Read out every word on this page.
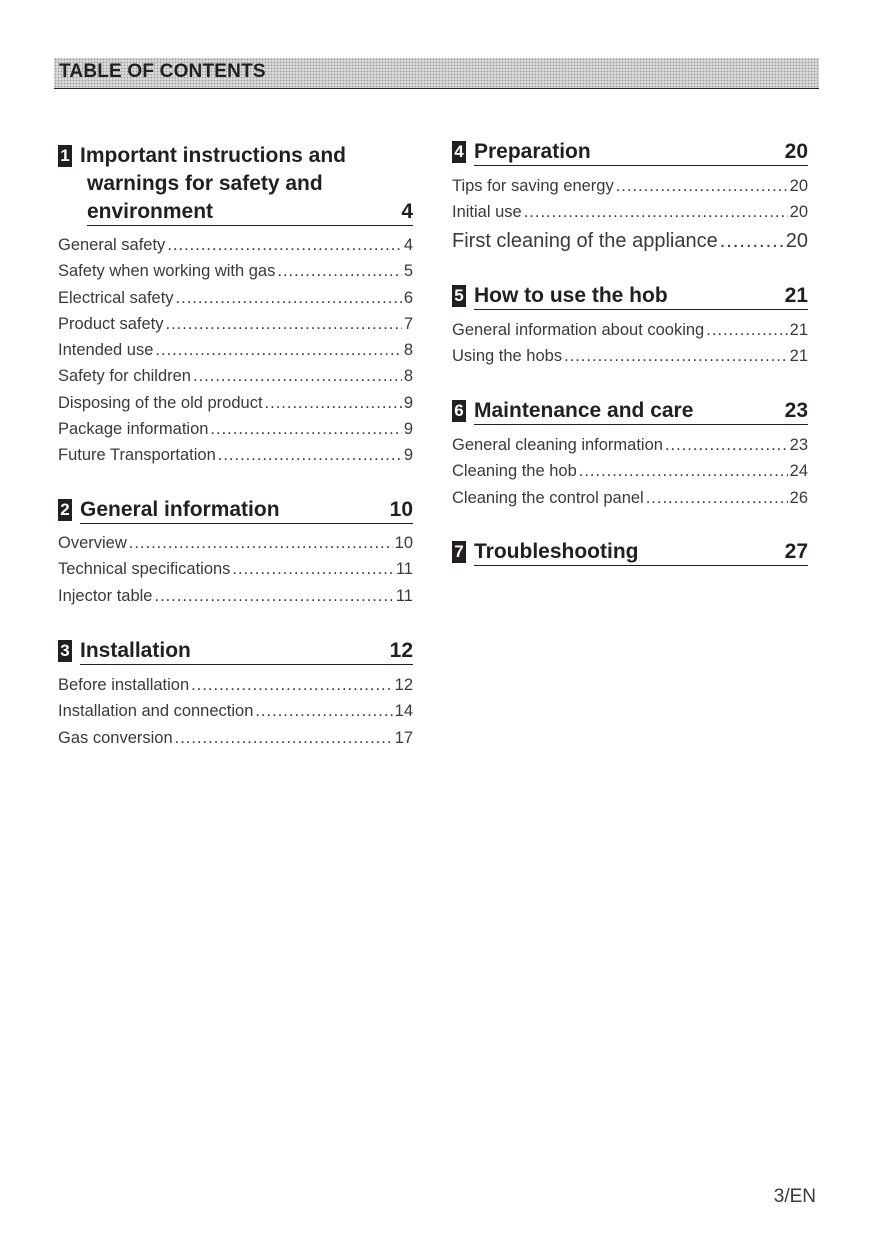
TABLE OF CONTENTS
1 Important instructions and
warnings for safety and
environment	4
General safety .....	4
Safety when working with gas .....	5
Electrical safety .....	6
Product safety .....	7
Intended use .....	8
Safety for children .....	8
Disposing of the old product .....	9
Package information .....	9
Future Transportation .....	9
2 General information	10
Overview .....	10
Technical specifications .....	11
Injector table .....	11
3 Installation	12
Before installation .....	12
Installation and connection .....	14
Gas conversion .....	17
4 Preparation	20
Tips for saving energy .....	20
Initial use .....	20
First cleaning of the appliance .....	20
5 How to use the hob	21
General information about cooking .....	21
Using the hobs .....	21
6 Maintenance and care	23
General cleaning information .....	23
Cleaning the hob .....	24
Cleaning the control panel .....	26
7 Troubleshooting	27
3/EN
